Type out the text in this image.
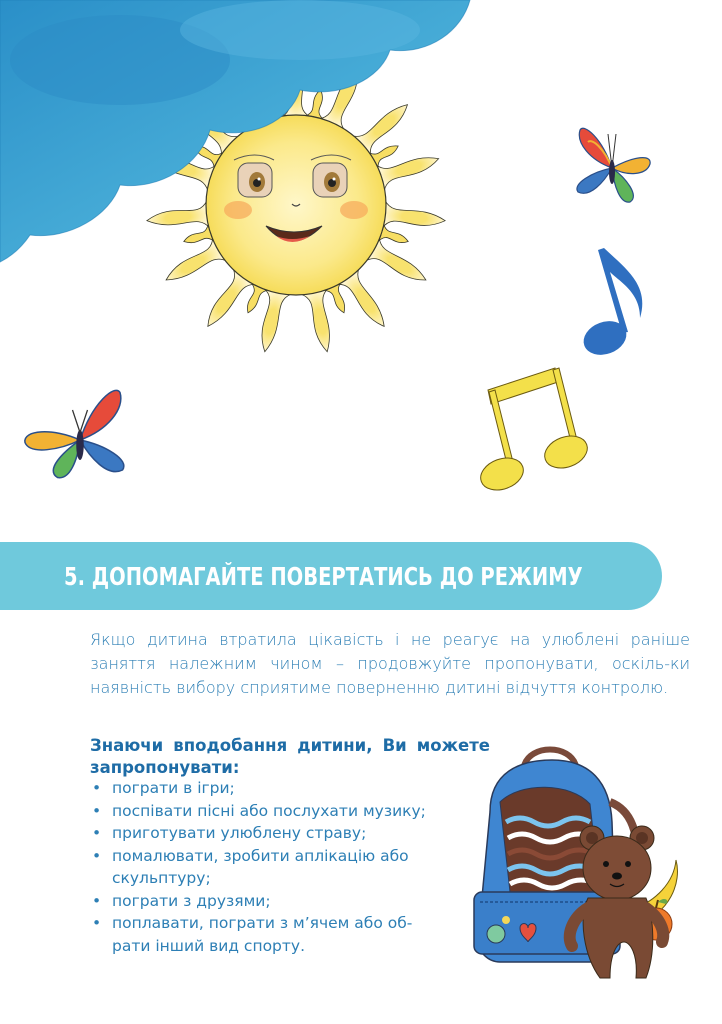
5. ДОПОМАГАЙТЕ ПОВЕРТАТИСЬ ДО РЕЖИМУ

Якщо дитина втратила цікавість і не реагує на улюблені раніше заняття належним чином – продовжуйте пропонувати, оскіль-ки наявність вибору сприятиме поверненню дитині відчуття контролю.

Знаючи вподобання дитини, Ви можете запропонувати:
• пограти в ігри;
• поспівати пісні або послухати музику;
• приготувати улюблену страву;
• помалювати, зробити аплікацію або скульптуру;
• пограти з друзями;
• поплавати, пограти з м’ячем або об-рати інший вид спорту.
